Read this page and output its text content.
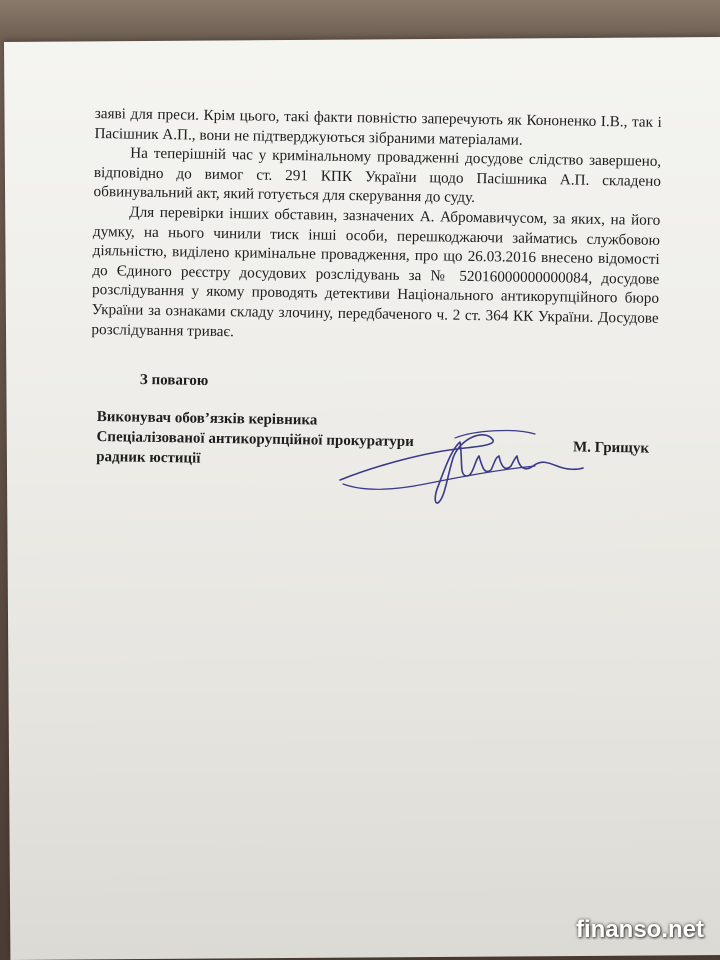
заяві для преси. Крім цього, такі факти повністю заперечують як Кононенко І.В., так і Пасішник А.П., вони не підтверджуються зібраними матеріалами.

На теперішній час у кримінальному провадженні досудове слідство завершено, відповідно до вимог ст. 291 КПК України щодо Пасішника А.П. складено обвинувальний акт, який готується для скерування до суду.

Для перевірки інших обставин, зазначених А. Абромавичусом, за яких, на його думку, на нього чинили тиск інші особи, перешкоджаючи займатись службовою діяльністю, виділено кримінальне провадження, про що 26.03.2016 внесено відомості до Єдиного реєстру досудових розслідувань за № 52016000000000084, досудове розслідування у якому проводять детективи Національного антикорупційного бюро України за ознаками складу злочину, передбаченого ч. 2 ст. 364 КК України. Досудове розслідування триває.

З повагою
Виконувач обов’язків керівника
Спеціалізованої антикорупційної прокуратури
радник юстиції
М. Грищук
finanso.net
